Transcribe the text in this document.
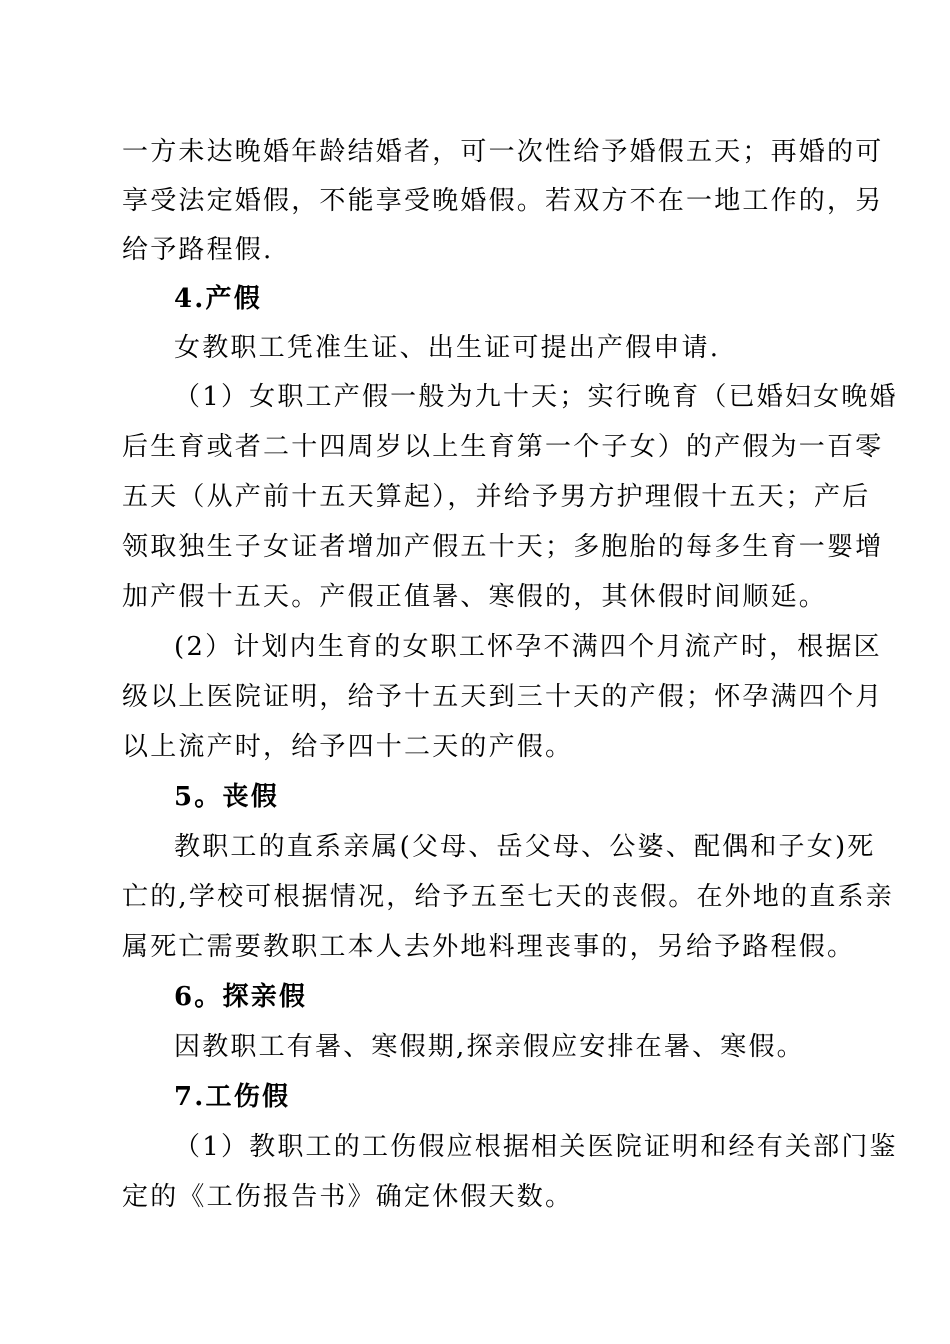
一方未达晚婚年龄结婚者，可一次性给予婚假五天；再婚的可
享受法定婚假，不能享受晚婚假。若双方不在一地工作的，另
给予路程假.
4.产假
女教职工凭准生证、出生证可提出产假申请.
（1）女职工产假一般为九十天；实行晚育（已婚妇女晚婚
后生育或者二十四周岁以上生育第一个子女）的产假为一百零
五天（从产前十五天算起），并给予男方护理假十五天；产后
领取独生子女证者增加产假五十天；多胞胎的每多生育一婴增
加产假十五天。产假正值暑、寒假的，其休假时间顺延。
(2）计划内生育的女职工怀孕不满四个月流产时，根据区
级以上医院证明，给予十五天到三十天的产假；怀孕满四个月
以上流产时，给予四十二天的产假。
5。丧假
教职工的直系亲属(父母、岳父母、公婆、配偶和子女)死
亡的,学校可根据情况，给予五至七天的丧假。在外地的直系亲
属死亡需要教职工本人去外地料理丧事的，另给予路程假。
6。探亲假
因教职工有暑、寒假期,探亲假应安排在暑、寒假。
7.工伤假
（1）教职工的工伤假应根据相关医院证明和经有关部门鉴
定的《工伤报告书》确定休假天数。
